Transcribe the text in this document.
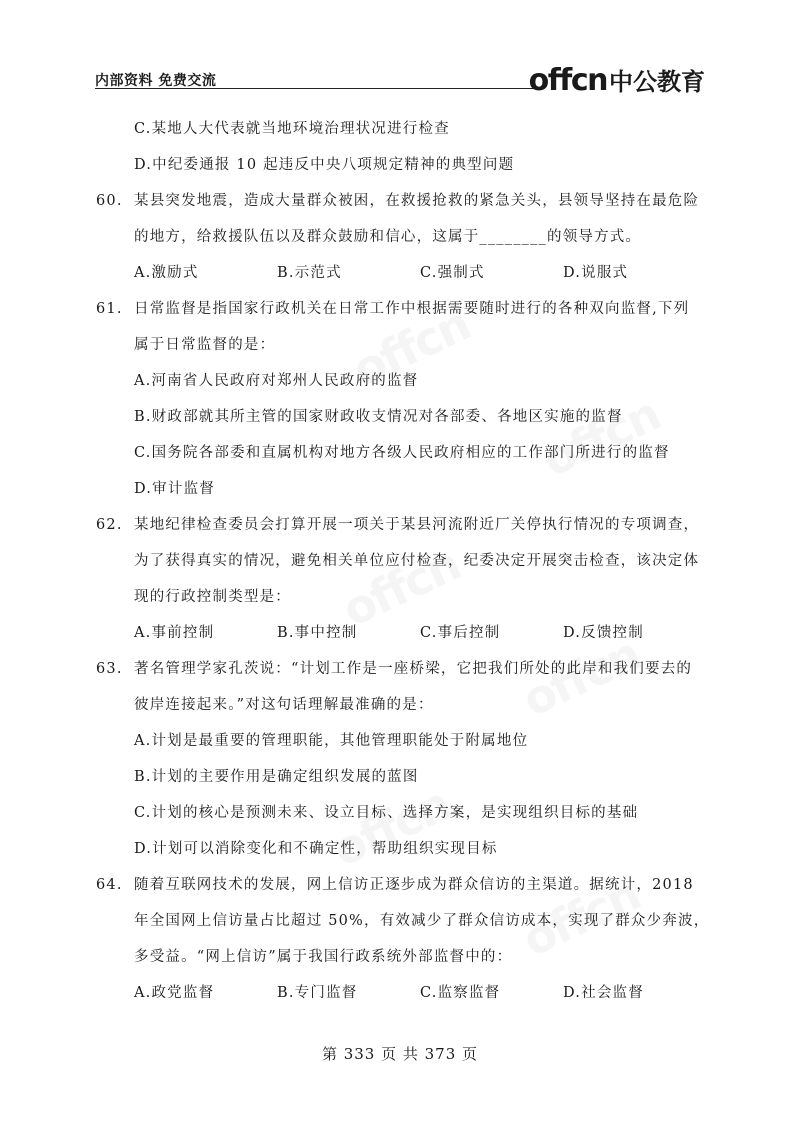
内部资料 免费交流	offcn 中公教育
C.某地人大代表就当地环境治理状况进行检查
D.中纪委通报 10 起违反中央八项规定精神的典型问题
60. 某县突发地震，造成大量群众被困，在救援抢救的紧急关头，县领导坚持在最危险
的地方，给救援队伍以及群众鼓励和信心，这属于________的领导方式。
A.激励式	B.示范式	C.强制式	D.说服式
61. 日常监督是指国家行政机关在日常工作中根据需要随时进行的各种双向监督,下列
属于日常监督的是：
A.河南省人民政府对郑州人民政府的监督
B.财政部就其所主管的国家财政收支情况对各部委、各地区实施的监督
C.国务院各部委和直属机构对地方各级人民政府相应的工作部门所进行的监督
D.审计监督
62. 某地纪律检查委员会打算开展一项关于某县河流附近厂关停执行情况的专项调查，
为了获得真实的情况，避免相关单位应付检查，纪委决定开展突击检查，该决定体
现的行政控制类型是：
A.事前控制	B.事中控制	C.事后控制	D.反馈控制
63. 著名管理学家孔茨说：“计划工作是一座桥梁，它把我们所处的此岸和我们要去的
彼岸连接起来。”对这句话理解最准确的是：
A.计划是最重要的管理职能，其他管理职能处于附属地位
B.计划的主要作用是确定组织发展的蓝图
C.计划的核心是预测未来、设立目标、选择方案，是实现组织目标的基础
D.计划可以消除变化和不确定性，帮助组织实现目标
64. 随着互联网技术的发展，网上信访正逐步成为群众信访的主渠道。据统计，2018
年全国网上信访量占比超过 50%，有效减少了群众信访成本，实现了群众少奔波，
多受益。“网上信访”属于我国行政系统外部监督中的：
A.政党监督	B.专门监督	C.监察监督	D.社会监督
第 333 页 共 373 页
